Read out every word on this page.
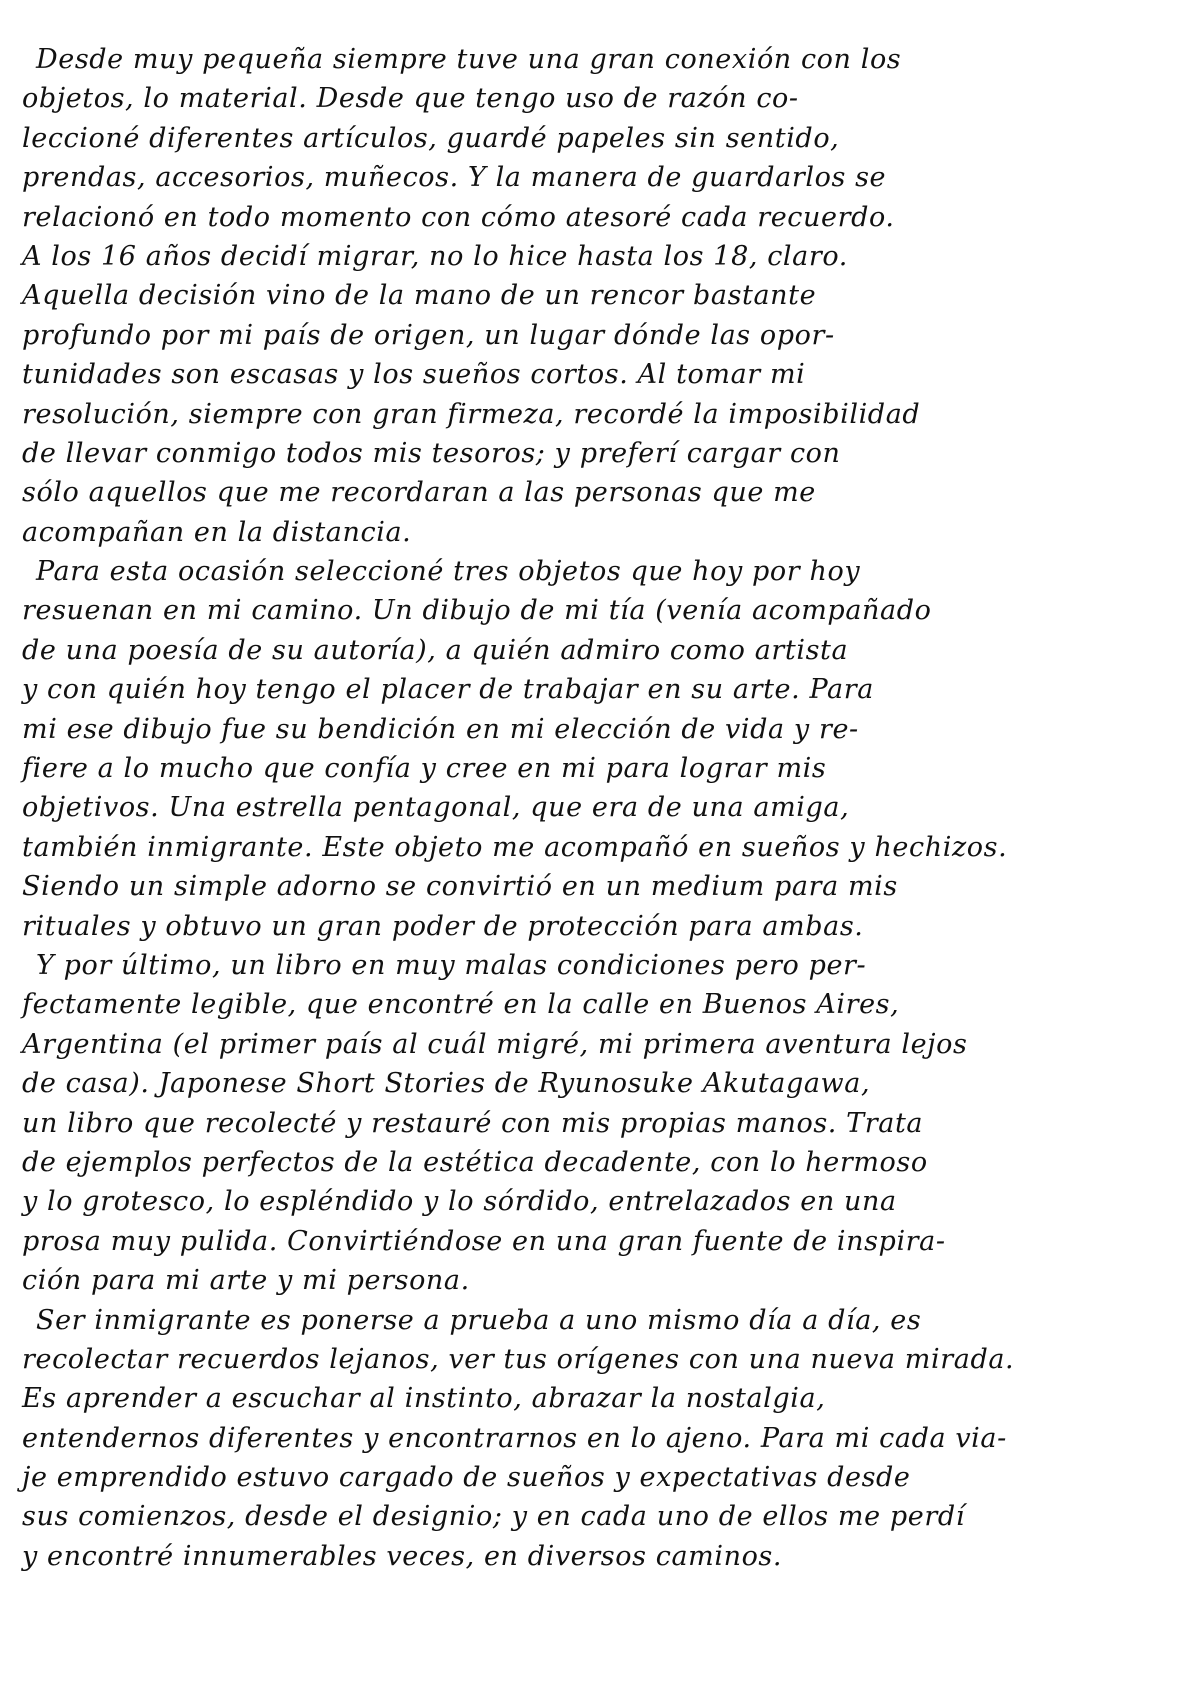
Desde muy pequeña siempre tuve una gran conexión con los
objetos, lo material. Desde que tengo uso de razón co-
leccioné diferentes artículos, guardé papeles sin sentido,
prendas, accesorios, muñecos. Y la manera de guardarlos se
relacionó en todo momento con cómo atesoré cada recuerdo.
A los 16 años decidí migrar, no lo hice hasta los 18, claro.
Aquella decisión vino de la mano de un rencor bastante
profundo por mi país de origen, un lugar dónde las opor-
tunidades son escasas y los sueños cortos. Al tomar mi
resolución, siempre con gran firmeza, recordé la imposibilidad
de llevar conmigo todos mis tesoros; y preferí cargar con
sólo aquellos que me recordaran a las personas que me
acompañan en la distancia.
Para esta ocasión seleccioné tres objetos que hoy por hoy
resuenan en mi camino. Un dibujo de mi tía (venía acompañado
de una poesía de su autoría), a quién admiro como artista
y con quién hoy tengo el placer de trabajar en su arte. Para
mi ese dibujo fue su bendición en mi elección de vida y re-
fiere a lo mucho que confía y cree en mi para lograr mis
objetivos. Una estrella pentagonal, que era de una amiga,
también inmigrante. Este objeto me acompañó en sueños y hechizos.
Siendo un simple adorno se convirtió en un medium para mis
rituales y obtuvo un gran poder de protección para ambas.
Y por último, un libro en muy malas condiciones pero per-
fectamente legible, que encontré en la calle en Buenos Aires,
Argentina (el primer país al cuál migré, mi primera aventura lejos
de casa). Japonese Short Stories de Ryunosuke Akutagawa,
un libro que recolecté y restauré con mis propias manos. Trata
de ejemplos perfectos de la estética decadente, con lo hermoso
y lo grotesco, lo espléndido y lo sórdido, entrelazados en una
prosa muy pulida. Convirtiéndose en una gran fuente de inspira-
ción para mi arte y mi persona.
Ser inmigrante es ponerse a prueba a uno mismo día a día, es
recolectar recuerdos lejanos, ver tus orígenes con una nueva mirada.
Es aprender a escuchar al instinto, abrazar la nostalgia,
entendernos diferentes y encontrarnos en lo ajeno. Para mi cada via-
je emprendido estuvo cargado de sueños y expectativas desde
sus comienzos, desde el designio; y en cada uno de ellos me perdí
y encontré innumerables veces, en diversos caminos.
